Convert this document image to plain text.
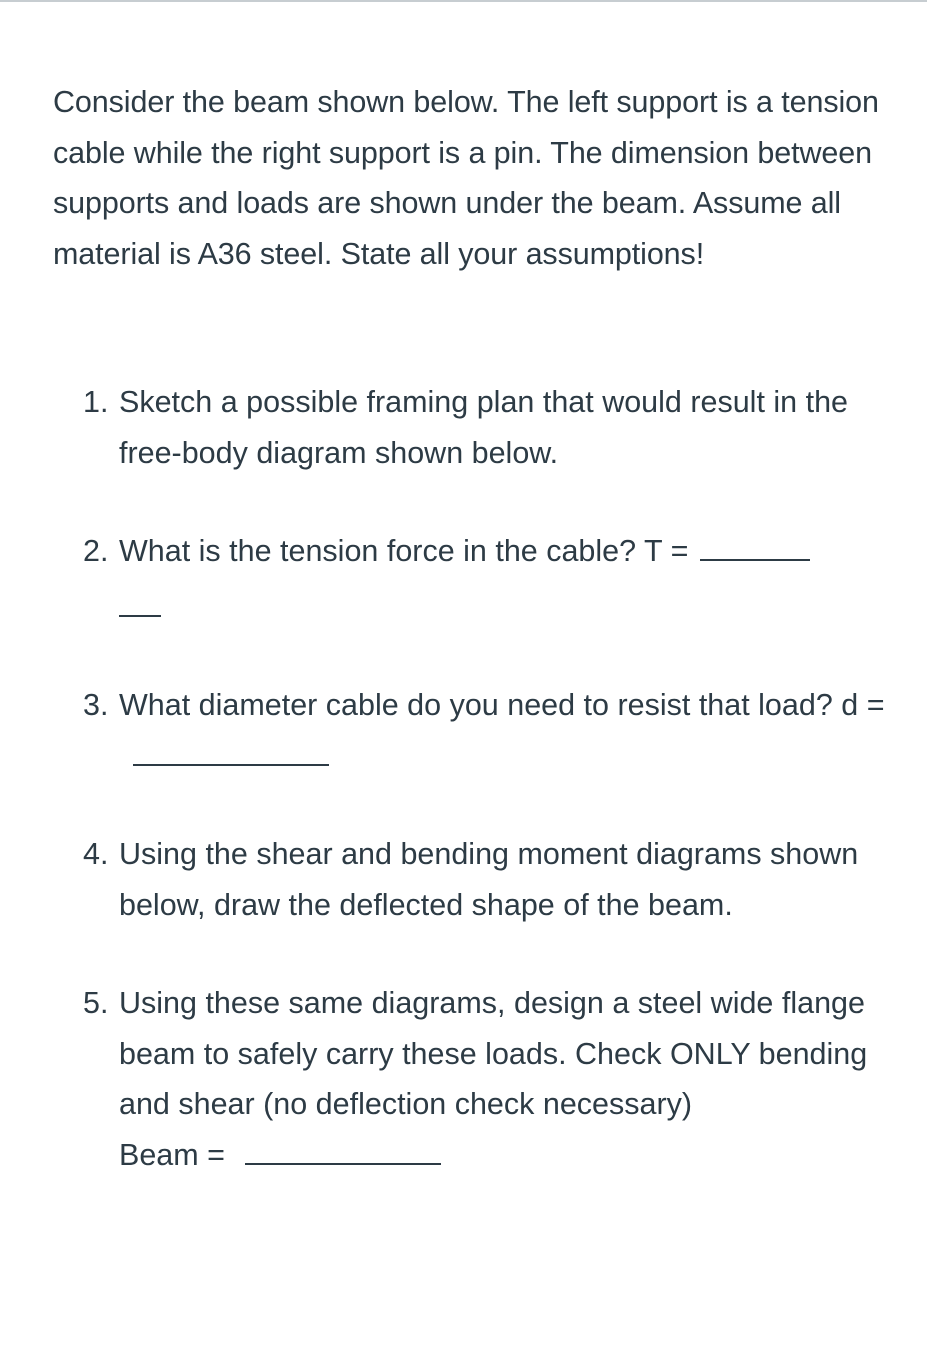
Consider the beam shown below. The left support is a tension cable while the right support is a pin. The dimension between supports and loads are shown under the beam. Assume all material is A36 steel. State all your assumptions!

1. Sketch a possible framing plan that would result in the free-body diagram shown below.
2. What is the tension force in the cable? T =
3. What diameter cable do you need to resist that load? d =
4. Using the shear and bending moment diagrams shown below, draw the deflected shape of the beam.
5. Using these same diagrams, design a steel wide flange beam to safely carry these loads. Check ONLY bending and shear (no deflection check necessary)
Beam =
